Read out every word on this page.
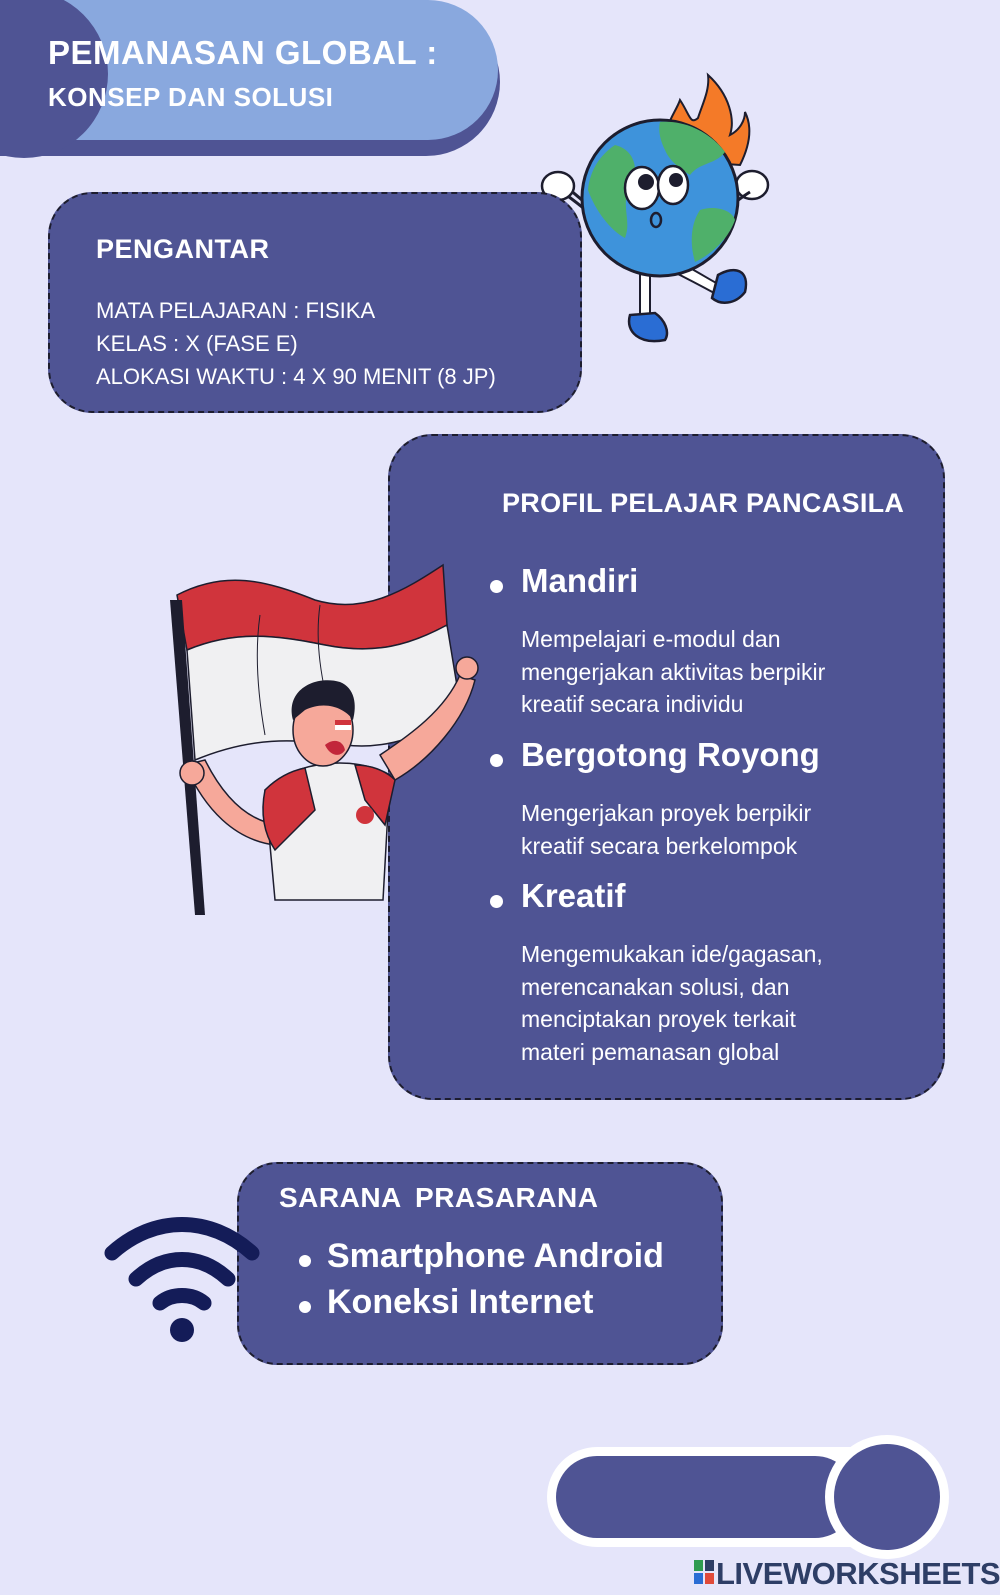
PEMANASAN GLOBAL :
KONSEP DAN SOLUSI
PENGANTAR
MATA PELAJARAN : FISIKA
KELAS : X (FASE E)
ALOKASI WAKTU : 4 X 90 MENIT (8 JP)
PROFIL PELAJAR PANCASILA
Mandiri
Mempelajari e-modul dan
mengerjakan aktivitas berpikir
kreatif secara individu
Bergotong Royong
Mengerjakan proyek berpikir
kreatif secara berkelompok
Kreatif
Mengemukakan ide/gagasan,
merencanakan solusi, dan
menciptakan proyek terkait
materi pemanasan global
SARANA PRASARANA
Smartphone Android
Koneksi Internet
LIVEWORKSHEETS
